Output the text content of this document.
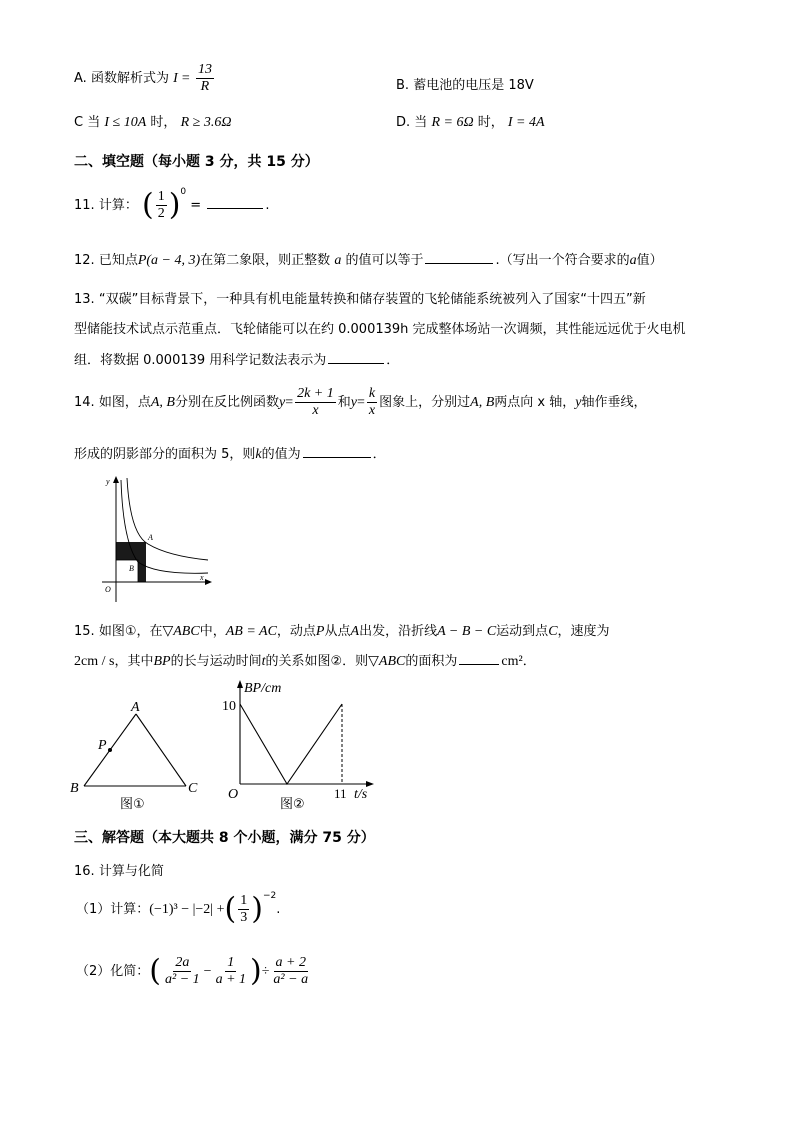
A. 函数解析式为 $I = \frac{13}{R}$	B. 蓄电池的电压是 18V
C 当 I ≤ 10A 时， R ≥ 3.6Ω	D. 当 R = 6Ω 时， I = 4A
二、填空题（每小题 3 分，共 15 分）
11. 计算： ( $\frac{1}{2} )^0$ =	.
12. 已知点P(a − 4, 3)在第二象限，则正整数 a 的值可以等于	.（写出一个符合要求的a值）
13. “双碳”目标背景下，一种具有机电能量转换和储存装置的飞轮储能系统被列入了国家“十四五”新
型储能技术试点示范重点．飞轮储能可以在约 0.000139h 完成整体场站一次调频，其性能远远优于火电机
组．将数据 0.000139 用科学记数法表示为	．
14. 如图，点A, B分别在反比例函数$y= \frac{2k + 1}{x}$ 和$y= \frac{k}{x}$ 图象上，分别过A, B两点向 x 轴，y轴作垂线，
形成的阴影部分的面积为 5，则k的值为	．
y
x
O
A
B
15. 如图①，在▽ABC中，AB = AC，动点P从点A出发，沿折线A − B − C运动到点C，速度为
2cm / s，其中BP的长与运动时间t的关系如图②．则▽ABC的面积为	cm²．
A
B	C
P
图①
BP/cm
10
O	11 t/s
图②
三、解答题（本大题共 8 个小题，满分 75 分）
16. 计算与化简
（1）计算：(−1)³ − |−2| +( $\frac{1}{3} )^{-2}$.
（2）化简：( $\frac{2a}{\text{a² − 1}} - \frac{1}{a + 1}$ )÷ $\frac{a + 2}{\text{a² − a}}$
